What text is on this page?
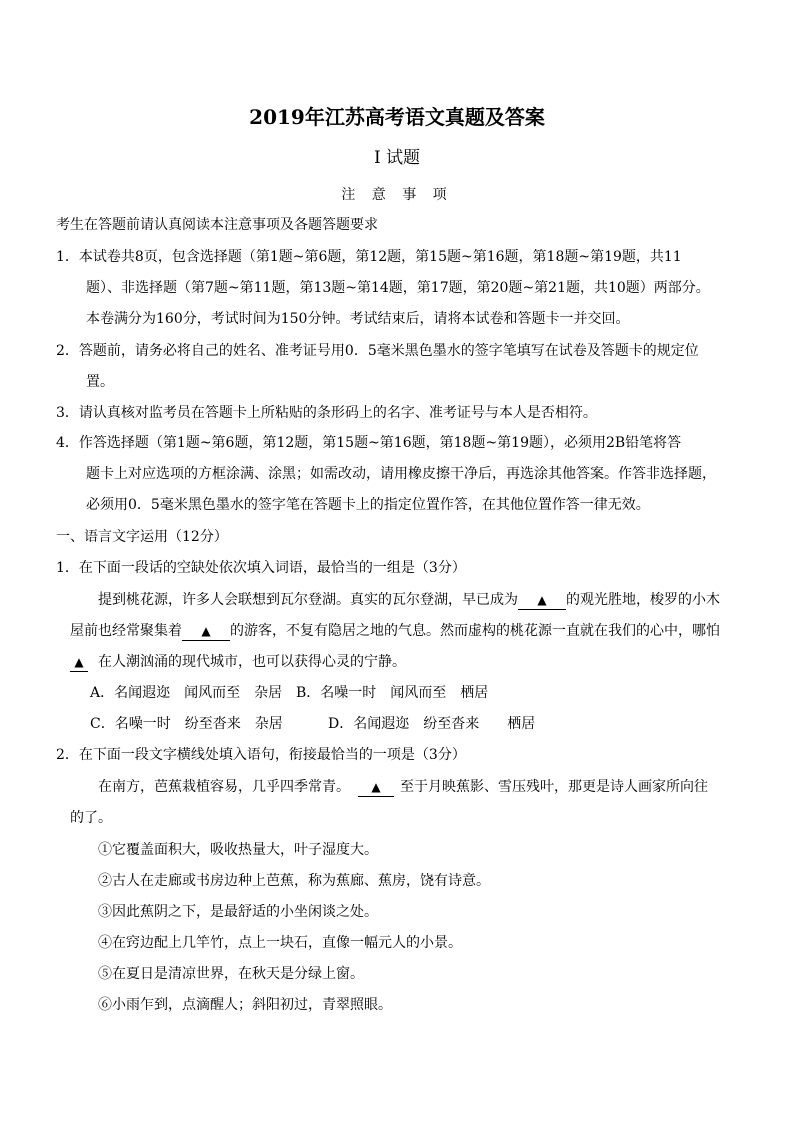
2019年江苏高考语文真题及答案
I 试题
注 意 事 项
考生在答题前请认真阅读本注意事项及各题答题要求
1．本试卷共8页，包含选择题（第1题~第6题，第12题，第15题~第16题，第18题~第19题，共11
题）、非选择题（第7题~第11题，第13题~第14题，第17题，第20题~第21题，共10题）两部分。
本卷满分为160分，考试时间为150分钟。考试结束后，请将本试卷和答题卡一并交回。
2．答题前，请务必将自己的姓名、准考证号用0．5毫米黑色墨水的签字笔填写在试卷及答题卡的规定位
置。
3．请认真核对监考员在答题卡上所粘贴的条形码上的名字、准考证号与本人是否相符。
4．作答选择题（第1题~第6题，第12题，第15题~第16题，第18题~第19题），必须用2B铅笔将答
题卡上对应选项的方框涂满、涂黑；如需改动，请用橡皮擦干净后，再选涂其他答案。作答非选择题，
必须用0．5毫米黑色墨水的签字笔在答题卡上的指定位置作答，在其他位置作答一律无效。
一、语言文字运用（12分）
1．在下面一段话的空缺处依次填入词语，最恰当的一组是（3分）
提到桃花源，许多人会联想到瓦尔登湖。真实的瓦尔登湖，早已成为 ▲ 的观光胜地，梭罗的小木
屋前也经常聚集着 ▲ 的游客，不复有隐居之地的气息。然而虚构的桃花源一直就在我们的心中，哪怕
▲ 在人潮汹涌的现代城市，也可以获得心灵的宁静。
A．名闻遐迩　闻风而至　杂居 B．名噪一时　闻风而至　栖居
C．名噪一时　纷至沓来　杂居	D．名闻遐迩　纷至沓来　　栖居
2．在下面一段文字横线处填入语句，衔接最恰当的一项是（3分）
在南方，芭蕉栽植容易，几乎四季常青。 ▲ 至于月映蕉影、雪压残叶，那更是诗人画家所向往
的了。
①它覆盖面积大，吸收热量大，叶子湿度大。
②古人在走廊或书房边种上芭蕉，称为蕉廊、蕉房，饶有诗意。
③因此蕉阴之下，是最舒适的小坐闲谈之处。
④在窍边配上几竿竹，点上一块石，直像一幅元人的小景。
⑤在夏日是清凉世界，在秋天是分绿上窗。
⑥小雨乍到，点滴醒人；斜阳初过，青翠照眼。
